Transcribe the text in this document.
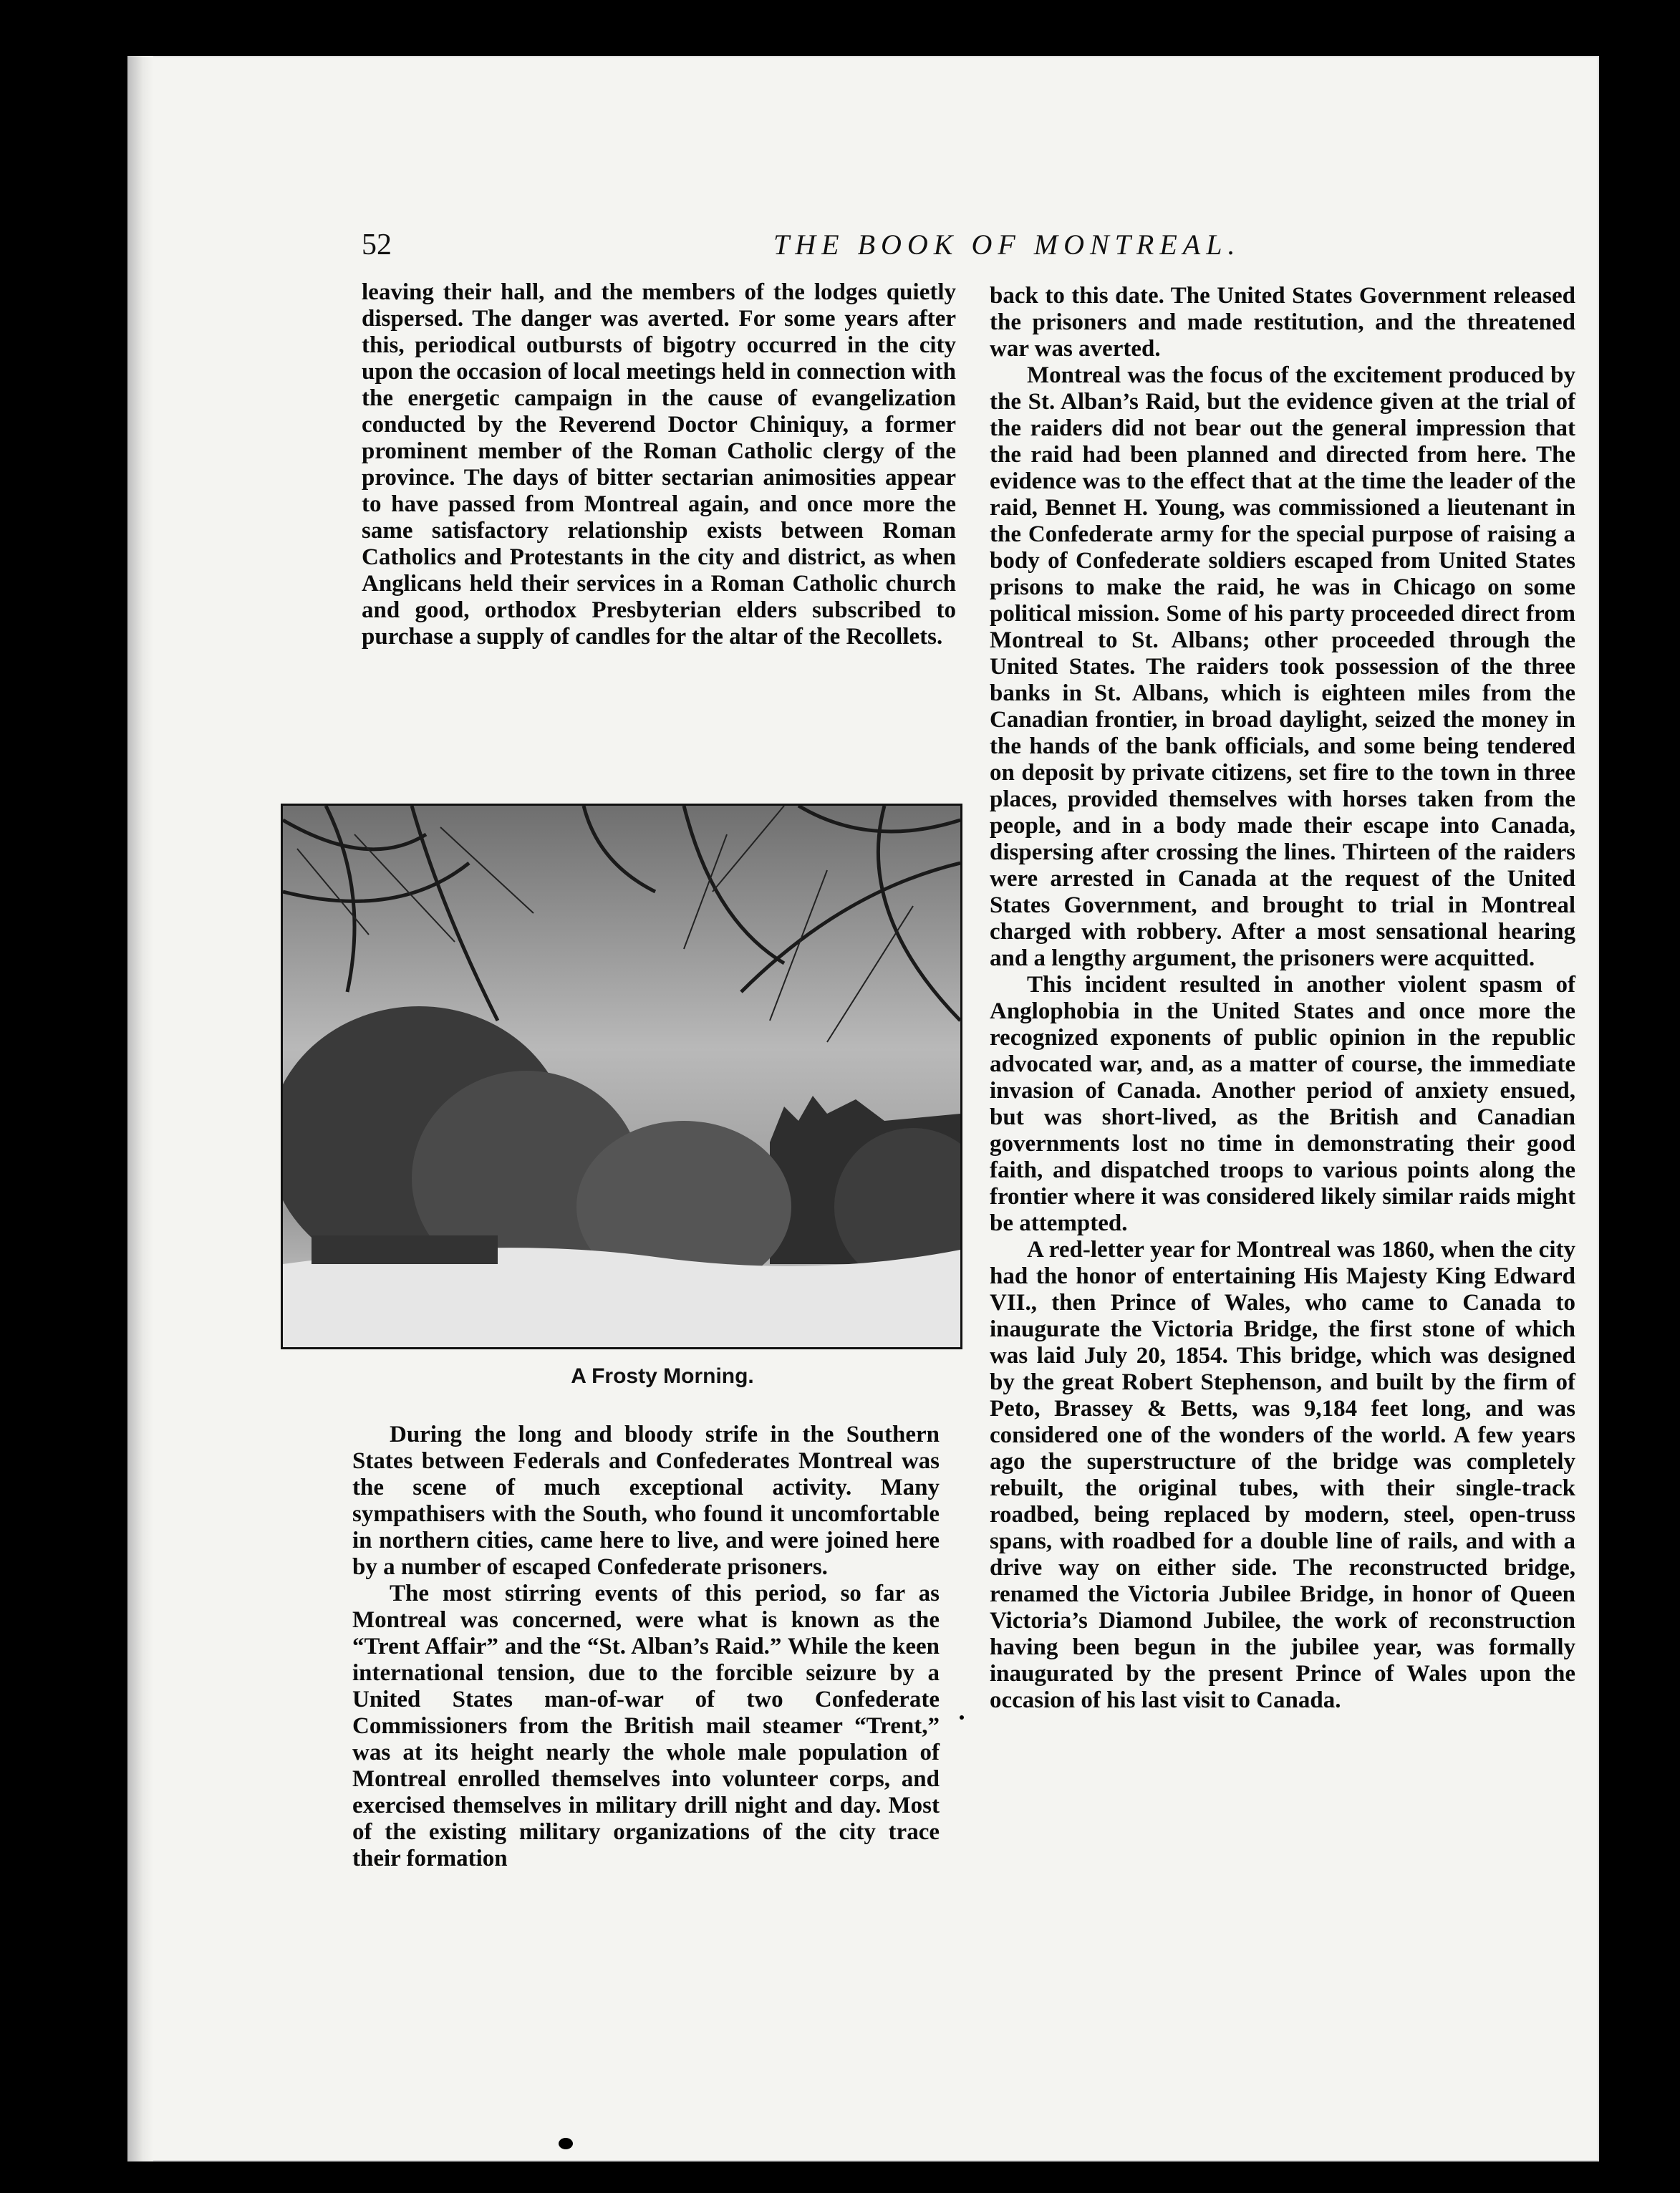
52	THE BOOK OF MONTREAL.

leaving their hall, and the members of the lodges quietly dispersed. The danger was averted. For some years after this, periodical outbursts of bigotry occurred in the city upon the occasion of local meetings held in connection with the energetic campaign in the cause of evangelization conducted by the Reverend Doctor Chiniquy, a former prominent member of the Roman Catholic clergy of the province. The days of bitter sectarian animosities appear to have passed from Montreal again, and once more the same satisfactory relationship exists between Roman Catholics and Protestants in the city and district, as when Anglicans held their services in a Roman Catholic church and good, orthodox Presbyterian elders subscribed to purchase a supply of candles for the altar of the Recollets.

A Frosty Morning.

During the long and bloody strife in the Southern States between Federals and Confederates Montreal was the scene of much exceptional activity. Many sympathisers with the South, who found it uncomfortable in northern cities, came here to live, and were joined here by a number of escaped Confederate prisoners.

The most stirring events of this period, so far as Montreal was concerned, were what is known as the “Trent Affair” and the “St. Alban’s Raid.” While the keen international tension, due to the forcible seizure by a United States man-of-war of two Confederate Commissioners from the British mail steamer “Trent,” was at its height nearly the whole male population of Montreal enrolled themselves into volunteer corps, and exercised themselves in military drill night and day. Most of the existing military organizations of the city trace their formation

back to this date. The United States Government released the prisoners and made restitution, and the threatened war was averted.

Montreal was the focus of the excitement produced by the St. Alban’s Raid, but the evidence given at the trial of the raiders did not bear out the general impression that the raid had been planned and directed from here. The evidence was to the effect that at the time the leader of the raid, Bennet H. Young, was commissioned a lieutenant in the Confederate army for the special purpose of raising a body of Confederate soldiers escaped from United States prisons to make the raid, he was in Chicago on some political mission. Some of his party proceeded direct from Montreal to St. Albans; other proceeded through the United States. The raiders took possession of the three banks in St. Albans, which is eighteen miles from the Canadian frontier, in broad daylight, seized the money in the hands of the bank officials, and some being tendered on deposit by private citizens, set fire to the town in three places, provided themselves with horses taken from the people, and in a body made their escape into Canada, dispersing after crossing the lines. Thirteen of the raiders were arrested in Canada at the request of the United States Government, and brought to trial in Montreal charged with robbery. After a most sensational hearing and a lengthy argument, the prisoners were acquitted.

This incident resulted in another violent spasm of Anglophobia in the United States and once more the recognized exponents of public opinion in the republic advocated war, and, as a matter of course, the immediate invasion of Canada. Another period of anxiety ensued, but was short-lived, as the British and Canadian governments lost no time in demonstrating their good faith, and dispatched troops to various points along the frontier where it was considered likely similar raids might be attempted.

A red-letter year for Montreal was 1860, when the city had the honor of entertaining His Majesty King Edward VII., then Prince of Wales, who came to Canada to inaugurate the Victoria Bridge, the first stone of which was laid July 20, 1854. This bridge, which was designed by the great Robert Stephenson, and built by the firm of Peto, Brassey & Betts, was 9,184 feet long, and was considered one of the wonders of the world. A few years ago the superstructure of the bridge was completely rebuilt, the original tubes, with their single-track roadbed, being replaced by modern, steel, open-truss spans, with roadbed for a double line of rails, and with a drive way on either side. The reconstructed bridge, renamed the Victoria Jubilee Bridge, in honor of Queen Victoria’s Diamond Jubilee, the work of reconstruction having been begun in the jubilee year, was formally inaugurated by the present Prince of Wales upon the occasion of his last visit to Canada.
